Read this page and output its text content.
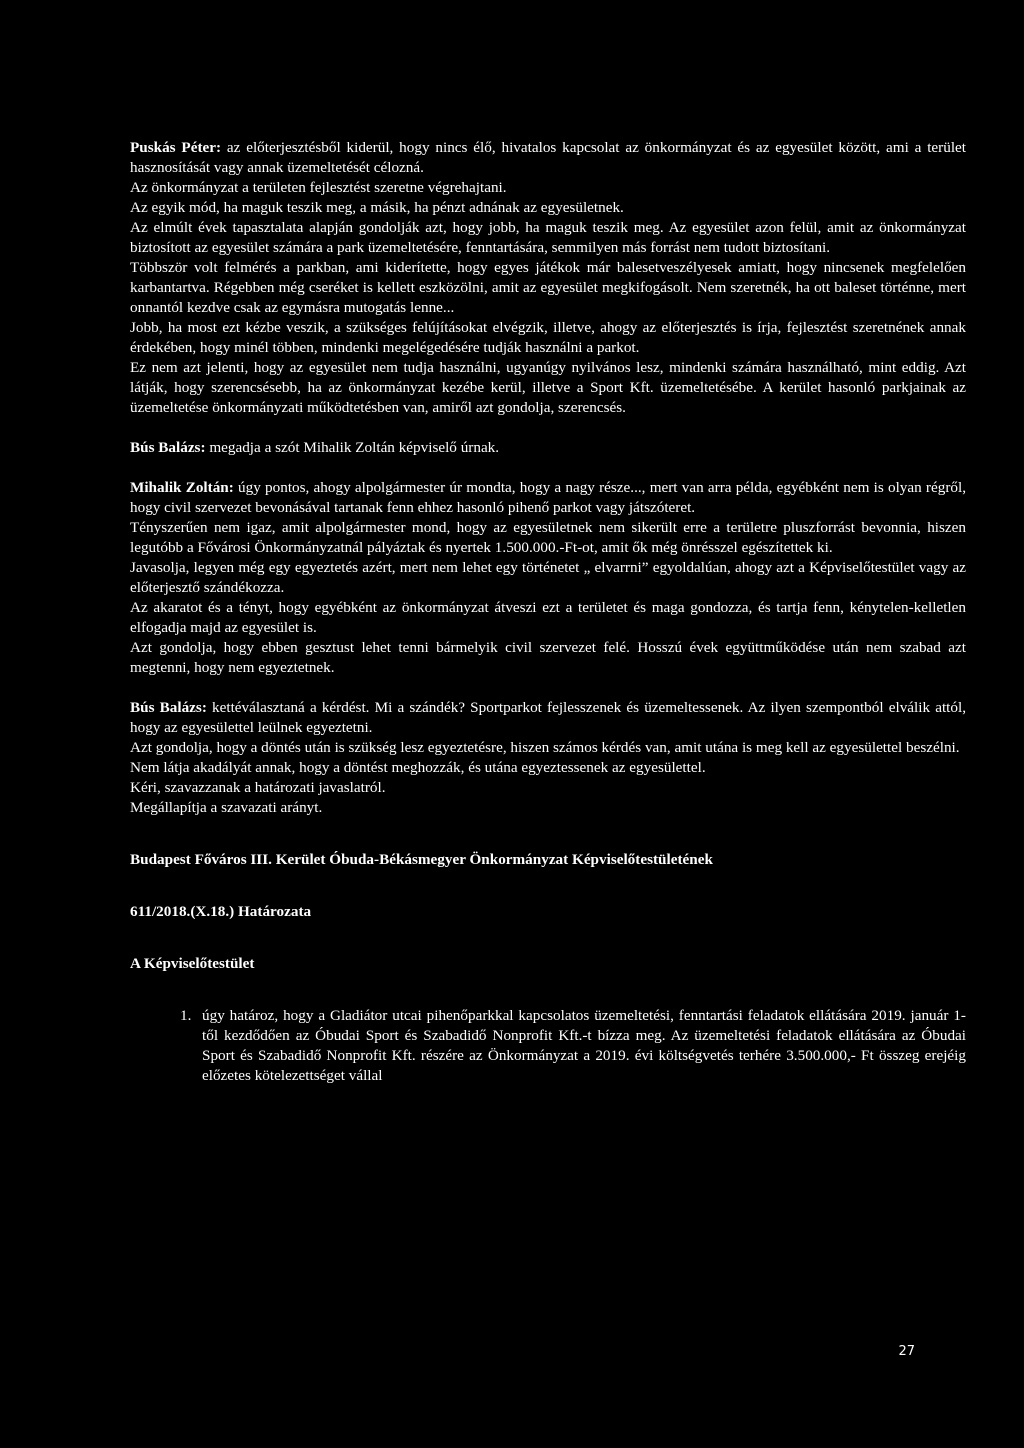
Puskás Péter: az előterjesztésből kiderül, hogy nincs élő, hivatalos kapcsolat az önkormányzat és az egyesület között, ami a terület hasznosítását vagy annak üzemeltetését célozná.

Az önkormányzat a területen fejlesztést szeretne végrehajtani.

Az egyik mód, ha maguk teszik meg, a másik, ha pénzt adnának az egyesületnek.

Az elmúlt évek tapasztalata alapján gondolják azt, hogy jobb, ha maguk teszik meg. Az egyesület azon felül, amit az önkormányzat biztosított az egyesület számára a park üzemeltetésére, fenntartására, semmilyen más forrást nem tudott biztosítani.

Többször volt felmérés a parkban, ami kiderítette, hogy egyes játékok már balesetveszélyesek amiatt, hogy nincsenek megfelelően karbantartva. Régebben még cseréket is kellett eszközölni, amit az egyesület megkifogásolt. Nem szeretnék, ha ott baleset történne, mert onnantól kezdve csak az egymásra mutogatás lenne...

Jobb, ha most ezt kézbe veszik, a szükséges felújításokat elvégzik, illetve, ahogy az előterjesztés is írja, fejlesztést szeretnének annak érdekében, hogy minél többen, mindenki megelégedésére tudják használni a parkot.

Ez nem azt jelenti, hogy az egyesület nem tudja használni, ugyanúgy nyilvános lesz, mindenki számára használható, mint eddig. Azt látják, hogy szerencsésebb, ha az önkormányzat kezébe kerül, illetve a Sport Kft. üzemeltetésébe. A kerület hasonló parkjainak az üzemeltetése önkormányzati működtetésben van, amiről azt gondolja, szerencsés.

Bús Balázs: megadja a szót Mihalik Zoltán képviselő úrnak.

Mihalik Zoltán: úgy pontos, ahogy alpolgármester úr mondta, hogy a nagy része..., mert van arra példa, egyébként nem is olyan régről, hogy civil szervezet bevonásával tartanak fenn ehhez hasonló pihenő parkot vagy játszóteret.

Tényszerűen nem igaz, amit alpolgármester mond, hogy az egyesületnek nem sikerült erre a területre pluszforrást bevonnia, hiszen legutóbb a Fővárosi Önkormányzatnál pályáztak és nyertek 1.500.000.-Ft-ot, amit ők még önrésszel egészítettek ki.

Javasolja, legyen még egy egyeztetés azért, mert nem lehet egy történetet „ elvarrni” egyoldalúan, ahogy azt a Képviselőtestület vagy az előterjesztő szándékozza.

Az akaratot és a tényt, hogy egyébként az önkormányzat átveszi ezt a területet és maga gondozza, és tartja fenn, kénytelen-kelletlen elfogadja majd az egyesület is.

Azt gondolja, hogy ebben gesztust lehet tenni bármelyik civil szervezet felé. Hosszú évek együttműködése után nem szabad azt megtenni, hogy nem egyeztetnek.

Bús Balázs: kettéválasztaná a kérdést. Mi a szándék? Sportparkot fejlesszenek és üzemeltessenek. Az ilyen szempontból elválik attól, hogy az egyesülettel leülnek egyeztetni.

Azt gondolja, hogy a döntés után is szükség lesz egyeztetésre, hiszen számos kérdés van, amit utána is meg kell az egyesülettel beszélni.

Nem látja akadályát annak, hogy a döntést meghozzák, és utána egyeztessenek az egyesülettel.

Kéri, szavazzanak a határozati javaslatról.

Megállapítja a szavazati arányt.

Budapest Főváros III. Kerület Óbuda-Békásmegyer Önkormányzat Képviselőtestületének

611/2018.(X.18.) Határozata

A Képviselőtestület

1. úgy határoz, hogy a Gladiátor utcai pihenőparkkal kapcsolatos üzemeltetési, fenntartási feladatok ellátására 2019. január 1-től kezdődően az Óbudai Sport és Szabadidő Nonprofit Kft.-t bízza meg. Az üzemeltetési feladatok ellátására az Óbudai Sport és Szabadidő Nonprofit Kft. részére az Önkormányzat a 2019. évi költségvetés terhére 3.500.000,- Ft összeg erejéig előzetes kötelezettséget vállal
27
